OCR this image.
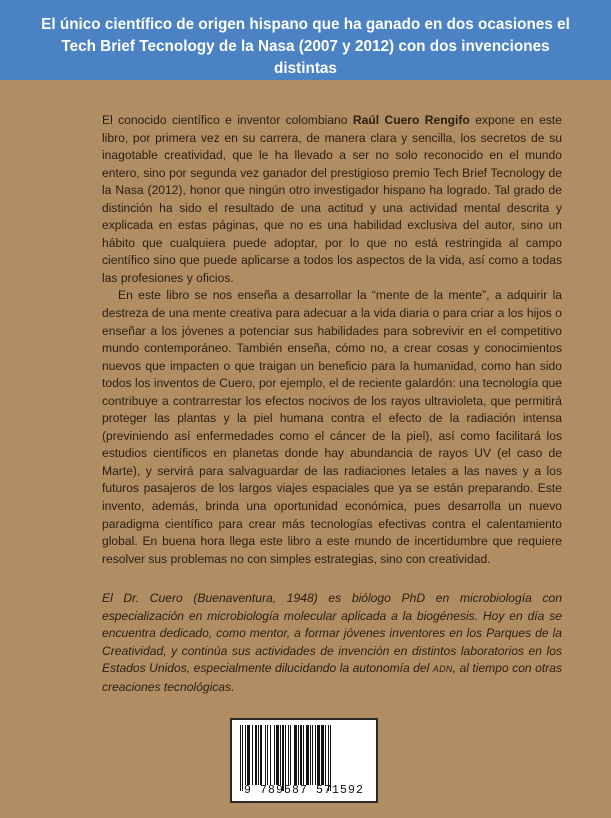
El único científico de origen hispano que ha ganado en dos ocasiones el
Tech Brief Tecnology de la Nasa (2007 y 2012) con dos invenciones distintas

El conocido científico e inventor colombiano Raúl Cuero Rengifo expone en este libro, por primera vez en su carrera, de manera clara y sencilla, los secretos de su inagotable creatividad, que le ha llevado a ser no solo reconocido en el mundo entero, sino por segunda vez ganador del prestigioso premio Tech Brief Tecnology de la Nasa (2012), honor que ningún otro investigador hispano ha logrado. Tal grado de distinción ha sido el resultado de una actitud y una actividad mental descrita y explicada en estas páginas, que no es una habilidad exclusiva del autor, sino un hábito que cualquiera puede adoptar, por lo que no está restringida al campo científico sino que puede aplicarse a todos los aspectos de la vida, así como a todas las profesiones y oficios.

En este libro se nos enseña a desarrollar la “mente de la mente”, a adquirir la destreza de una mente creativa para adecuar a la vida diaria o para criar a los hijos o enseñar a los jóvenes a potenciar sus habilidades para sobrevivir en el competitivo mundo contemporáneo. También enseña, cómo no, a crear cosas y conocimientos nuevos que impacten o que traigan un beneficio para la humanidad, como han sido todos los inventos de Cuero, por ejemplo, el de reciente galardón: una tecnología que contribuye a contrarrestar los efectos nocivos de los rayos ultravioleta, que permitirá proteger las plantas y la piel humana contra el efecto de la radiación intensa (previniendo así enfermedades como el cáncer de la piel), así como facilitará los estudios científicos en planetas donde hay abundancia de rayos UV (el caso de Marte), y servirá para salvaguardar de las radiaciones letales a las naves y a los futuros pasajeros de los largos viajes espaciales que ya se están preparando. Este invento, además, brinda una oportunidad económica, pues desarrolla un nuevo paradigma científico para crear más tecnologías efectivas contra el calentamiento global. En buena hora llega este libro a este mundo de incertidumbre que requiere resolver sus problemas no con simples estrategias, sino con creatividad.

El Dr. Cuero (Buenaventura, 1948) es biólogo PhD en microbiología con especialización en microbiología molecular aplicada a la biogénesis. Hoy en día se encuentra dedicado, como mentor, a formar jóvenes inventores en los Parques de la Creatividad, y continúa sus actividades de invención en distintos laboratorios en los Estados Unidos, especialmente dilucidando la autonomía del ADN, al tiempo con otras creaciones tecnológicas.
9 789587 571592
